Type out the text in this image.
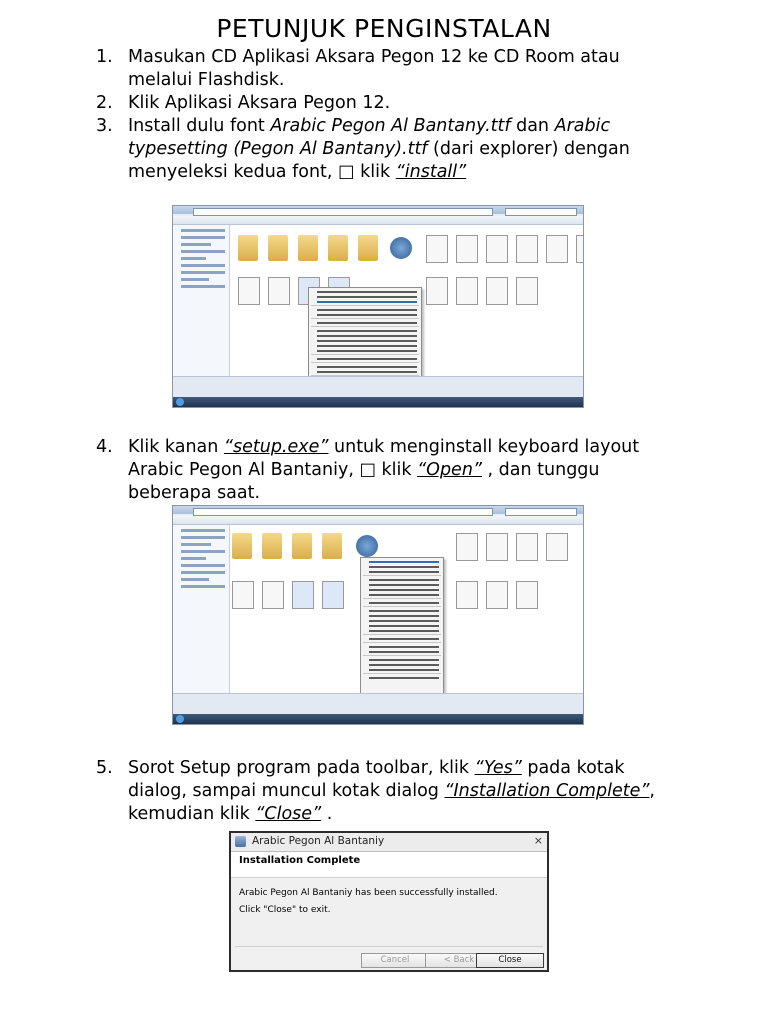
PETUNJUK PENGINSTALAN
1. Masukan CD Aplikasi Aksara Pegon 12 ke CD Room atau
melalui Flashdisk.
2. Klik Aplikasi Aksara Pegon 12.
3. Install dulu font Arabic Pegon Al Bantany.ttf dan Arabic
typesetting (Pegon Al Bantany).ttf (dari explorer) dengan
menyeleksi kedua font, □ klik “install”
4. Klik kanan “setup.exe” untuk menginstall keyboard layout
Arabic Pegon Al Bantaniy, □ klik “Open” , dan tunggu
beberapa saat.
5. Sorot Setup program pada toolbar, klik “Yes” pada kotak
dialog, sampai muncul kotak dialog “Installation Complete”,
kemudian klik “Close” .
Arabic Pegon Al Bantaniy	×
Installation Complete
Arabic Pegon Al Bantaniy has been successfully installed.
Click "Close" to exit.
Cancel	< Back	Close
